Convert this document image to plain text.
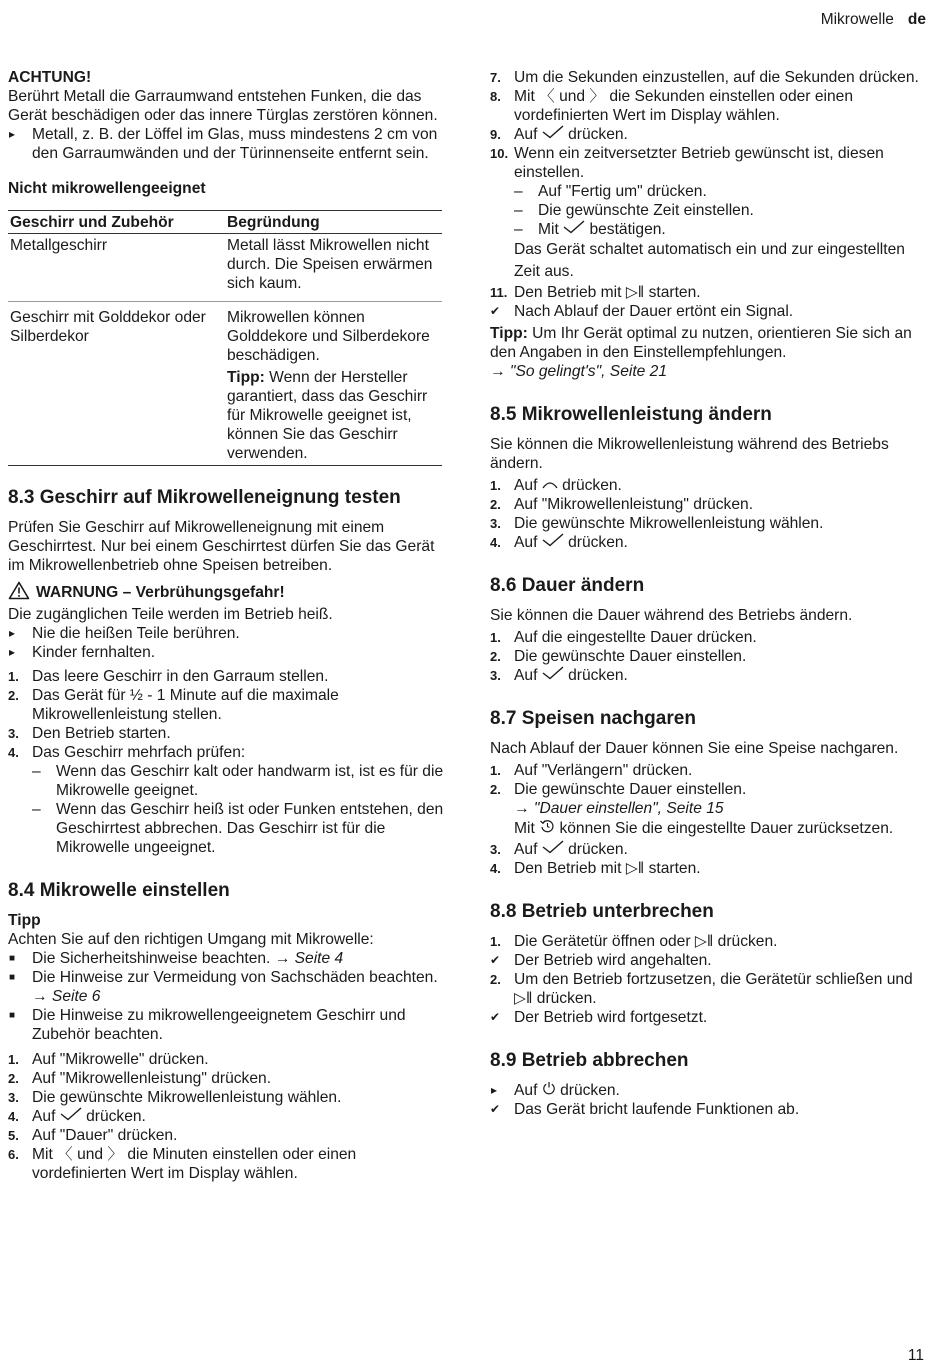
Mikrowelle de

ACHTUNG!

Berührt Metall die Garraumwand entstehen Funken, die das Gerät beschädigen oder das innere Türglas zerstören können.

▸ Metall, z. B. der Löffel im Glas, muss mindestens 2 cm von den Garraumwänden und der Türinnenseite entfernt sein.
Nicht mikrowellengeeignet
Geschirr und Zubehör	Begründung
Metallgeschirr	Metall lässt Mikrowellen nicht durch. Die Speisen erwärmen sich kaum.
Geschirr mit Golddekor oder Silberdekor	Mikrowellen können Golddekore und Silberdekore beschädigen.

Tipp: Wenn der Hersteller garantiert, dass das Geschirr für Mikrowelle geeignet ist, können Sie das Geschirr verwenden.

8.3 Geschirr auf Mikrowelleneignung testen

Prüfen Sie Geschirr auf Mikrowelleneignung mit einem Geschirrtest. Nur bei einem Geschirrtest dürfen Sie das Gerät im Mikrowellenbetrieb ohne Speisen betreiben.

WARNUNG – Verbrühungsgefahr!

Die zugänglichen Teile werden im Betrieb heiß.

▸ Nie die heißen Teile berühren.
▸ Kinder fernhalten.
1. Das leere Geschirr in den Garraum stellen.
2. Das Gerät für ½ - 1 Minute auf die maximale Mikrowellenleistung stellen.
3. Den Betrieb starten.
4. Das Geschirr mehrfach prüfen:
– Wenn das Geschirr kalt oder handwarm ist, ist es für die Mikrowelle geeignet.
– Wenn das Geschirr heiß ist oder Funken entstehen, den Geschirrtest abbrechen. Das Geschirr ist für die Mikrowelle ungeeignet.
8.4 Mikrowelle einstellen
Tipp

Achten Sie auf den richtigen Umgang mit Mikrowelle:

■ Die Sicherheitshinweise beachten. → Seite 4
■ Die Hinweise zur Vermeidung von Sachschäden beachten. → Seite 6
■ Die Hinweise zu mikrowellengeeignetem Geschirr und Zubehör beachten.
1. Auf "Mikrowelle" drücken.
2. Auf "Mikrowellenleistung" drücken.
3. Die gewünschte Mikrowellenleistung wählen.
4. Auf  drücken.
5. Auf "Dauer" drücken.
6. Mit 〈 und 〉 die Minuten einstellen oder einen vordefinierten Wert im Display wählen.
7. Um die Sekunden einzustellen, auf die Sekunden drücken.
8. Mit 〈 und 〉 die Sekunden einstellen oder einen vordefinierten Wert im Display wählen.
9. Auf  drücken.
10. Wenn ein zeitversetzter Betrieb gewünscht ist, diesen einstellen.
– Auf "Fertig um" drücken.
– Die gewünschte Zeit einstellen.
– Mit  bestätigen.

Das Gerät schaltet automatisch ein und zur eingestellten Zeit aus.

11. Den Betrieb mit ▷‖ starten.

✔ Nach Ablauf der Dauer ertönt ein Signal.

Tipp: Um Ihr Gerät optimal zu nutzen, orientieren Sie sich an den Angaben in den Einstellempfehlungen.

→ "So gelingt's", Seite 21

8.5 Mikrowellenleistung ändern

Sie können die Mikrowellenleistung während des Betriebs ändern.

1. Auf  drücken.
2. Auf "Mikrowellenleistung" drücken.
3. Die gewünschte Mikrowellenleistung wählen.
4. Auf  drücken.
8.6 Dauer ändern

Sie können die Dauer während des Betriebs ändern.

1. Auf die eingestellte Dauer drücken.
2. Die gewünschte Dauer einstellen.
3. Auf  drücken.
8.7 Speisen nachgaren

Nach Ablauf der Dauer können Sie eine Speise nachgaren.

1. Auf "Verlängern" drücken.
2. Die gewünschte Dauer einstellen.

→ "Dauer einstellen", Seite 15

Mit  können Sie die eingestellte Dauer zurücksetzen.

3. Auf  drücken.
4. Den Betrieb mit ▷‖ starten.
8.8 Betrieb unterbrechen
1. Die Gerätetür öffnen oder ▷‖ drücken.

✔ Der Betrieb wird angehalten.

2. Um den Betrieb fortzusetzen, die Gerätetür schließen und ▷‖ drücken.

✔ Der Betrieb wird fortgesetzt.

8.9 Betrieb abbrechen
▸ Auf  drücken.

✔ Das Gerät bricht laufende Funktionen ab.

11
